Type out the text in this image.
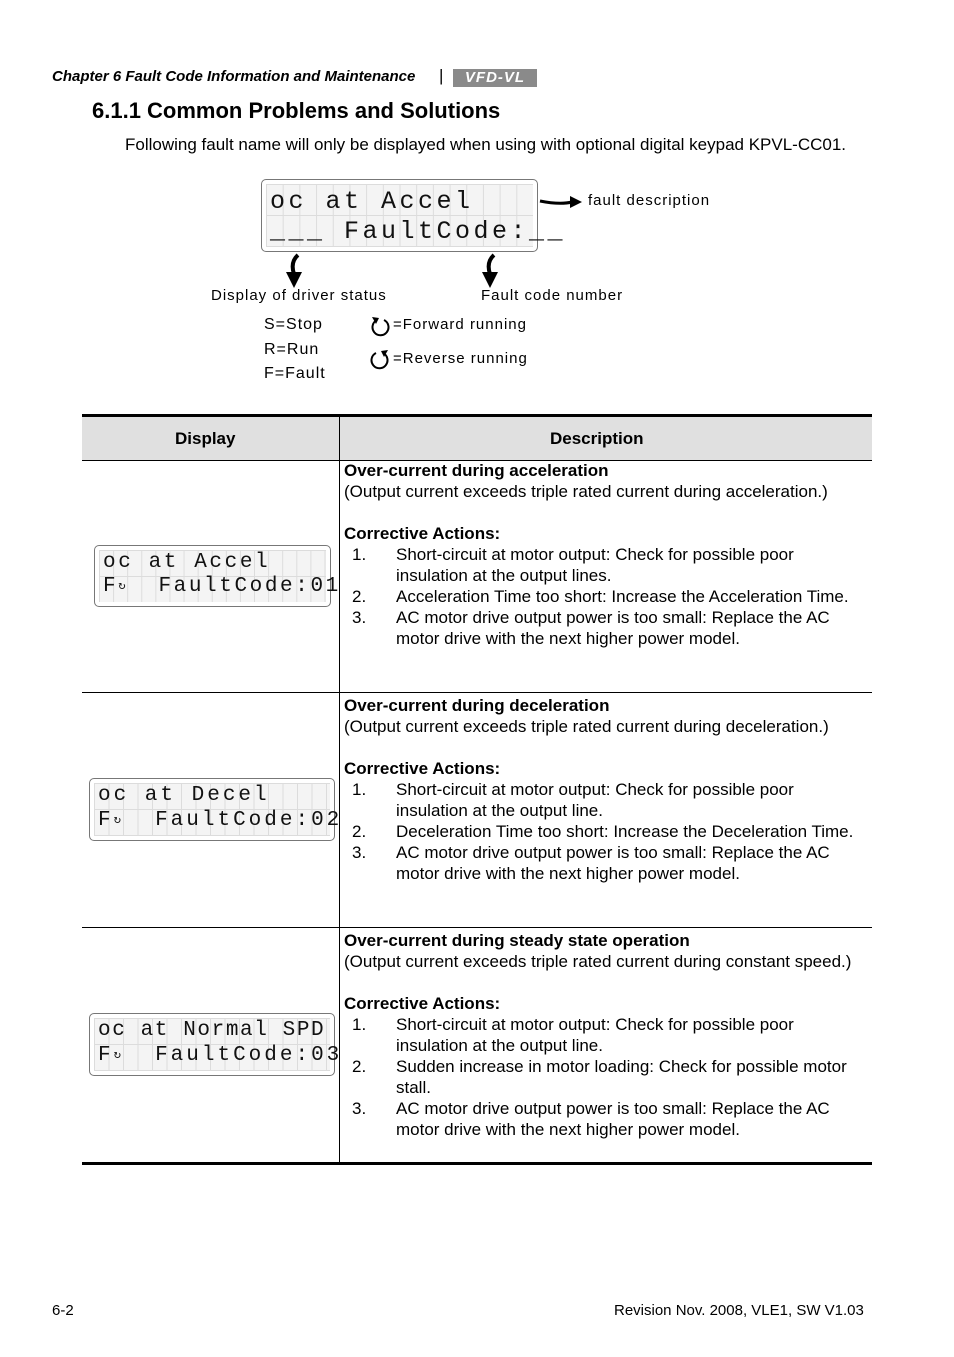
Chapter 6 Fault Code Information and Maintenance |	VFD-VL
6.1.1 Common Problems and Solutions
Following fault name will only be displayed when using with optional digital keypad KPVL-CC01.
oc at Accel
___ FaultCode:__
fault description
Display of driver status	Fault code number
S=Stop
R=Run
F=Fault
=Forward running
=Reverse running
Display	Description
oc at Accel
F↻ FaultCode:01
Over-current during acceleration
(Output current exceeds triple rated current during acceleration.)
Corrective Actions:
1. Short-circuit at motor output: Check for possible poor insulation at the output lines.
2. Acceleration Time too short: Increase the Acceleration Time.
3. AC motor drive output power is too small: Replace the AC motor drive with the next higher power model.
oc at Decel
F↻ FaultCode:02
Over-current during deceleration
(Output current exceeds triple rated current during deceleration.)
Corrective Actions:
1. Short-circuit at motor output: Check for possible poor insulation at the output line.
2. Deceleration Time too short: Increase the Deceleration Time.
3. AC motor drive output power is too small: Replace the AC motor drive with the next higher power model.
oc at Normal SPD
F↻ FaultCode:03
Over-current during steady state operation
(Output current exceeds triple rated current during constant speed.)
Corrective Actions:
1. Short-circuit at motor output: Check for possible poor insulation at the output line.
2. Sudden increase in motor loading: Check for possible motor stall.
3. AC motor drive output power is too small: Replace the AC motor drive with the next higher power model.
6-2	Revision Nov. 2008, VLE1, SW V1.03
